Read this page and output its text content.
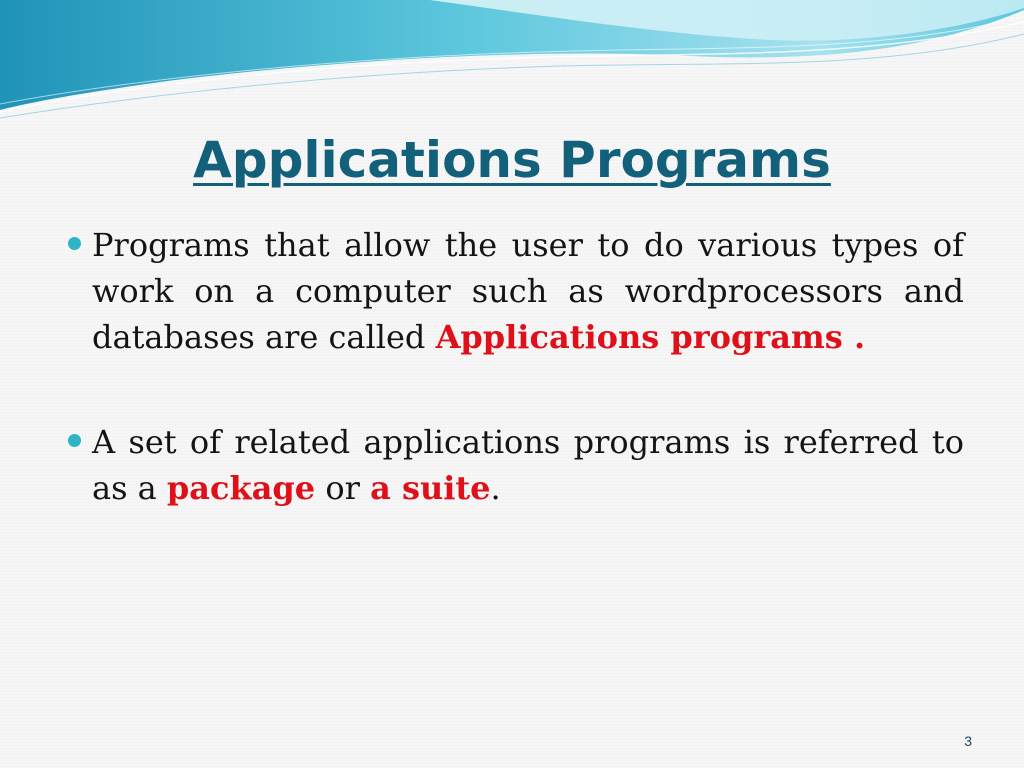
Applications Programs
Programs that allow the user to do various types of work on a computer such as wordprocessors and databases are called Applications programs .
A set of related applications programs is referred to as a package or a suite.
3
